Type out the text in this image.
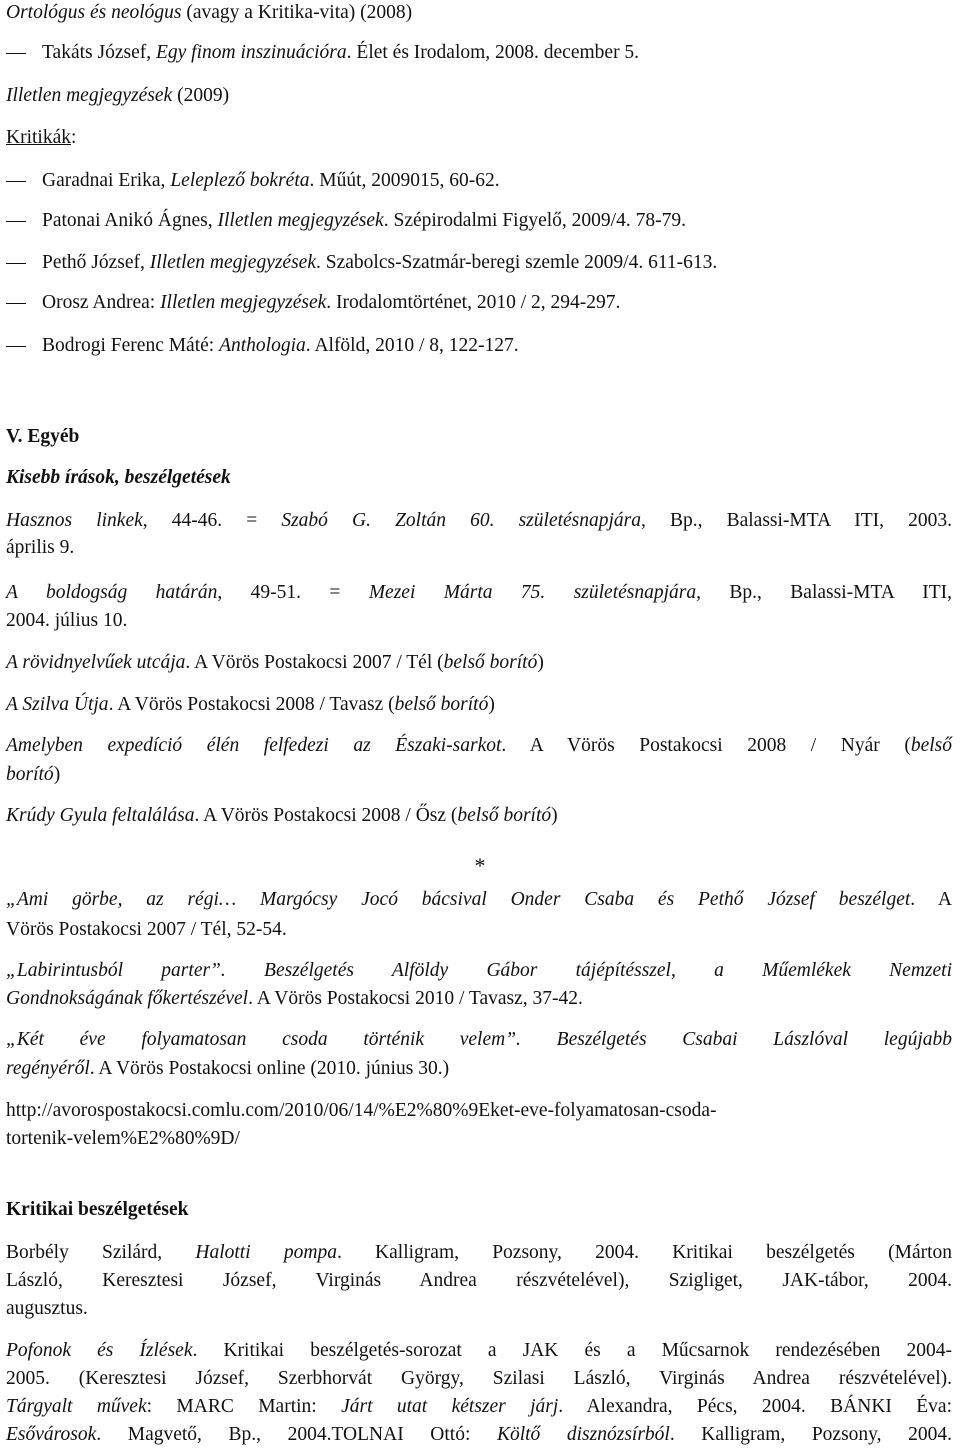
Ortológus és neológus (avagy a Kritika-vita) (2008)
Takáts József, Egy finom inszinuációra. Élet és Irodalom, 2008. december 5.
Illetlen megjegyzések (2009)
Kritikák:
Garadnai Erika, Leleplező bokréta. Műút, 2009015, 60-62.
Patonai Anikó Ágnes, Illetlen megjegyzések. Szépirodalmi Figyelő, 2009/4. 78-79.
Pethő József, Illetlen megjegyzések. Szabolcs-Szatmár-beregi szemle 2009/4. 611-613.
Orosz Andrea: Illetlen megjegyzések. Irodalomtörténet, 2010 / 2, 294-297.
Bodrogi Ferenc Máté: Anthologia. Alföld, 2010 / 8, 122-127.
V. Egyéb
Kisebb írások, beszélgetések
Hasznos linkek, 44-46. = Szabó G. Zoltán 60. születésnapjára, Bp., Balassi-MTA ITI, 2003.
április 9.
A boldogság határán, 49-51. = Mezei Márta 75. születésnapjára, Bp., Balassi-MTA ITI,
2004. július 10.
A rövidnyelvűek utcája. A Vörös Postakocsi 2007 / Tél (belső borító)
A Szilva Útja. A Vörös Postakocsi 2008 / Tavasz (belső borító)
Amelyben expedíció élén felfedezi az Északi-sarkot. A Vörös Postakocsi 2008 / Nyár (belső
borító)
Krúdy Gyula feltalálása. A Vörös Postakocsi 2008 / Ősz (belső borító)
*
„Ami görbe, az régi… Margócsy Jocó bácsival Onder Csaba és Pethő József beszélget. A
Vörös Postakocsi 2007 / Tél, 52-54.
„Labirintusból parter”. Beszélgetés Alföldy Gábor tájépítésszel, a Műemlékek Nemzeti
Gondnokságának főkertészével. A Vörös Postakocsi 2010 / Tavasz, 37-42.
„Két éve folyamatosan csoda történik velem”. Beszélgetés Csabai Lászlóval legújabb
regényéről. A Vörös Postakocsi online (2010. június 30.)
http://avorospostakocsi.comlu.com/2010/06/14/%E2%80%9Eket-eve-folyamatosan-csoda-
tortenik-velem%E2%80%9D/
Kritikai beszélgetések
Borbély Szilárd, Halotti pompa. Kalligram, Pozsony, 2004. Kritikai beszélgetés (Márton
László, Keresztesi József, Virginás Andrea részvételével), Szigliget, JAK-tábor, 2004.
augusztus.
Pofonok és Ízlések. Kritikai beszélgetés-sorozat a JAK és a Műcsarnok rendezésében 2004-
2005. (Keresztesi József, Szerbhorvát György, Szilasi László, Virginás Andrea részvételével).
Tárgyalt művek: MARC Martin: Járt utat kétszer járj. Alexandra, Pécs, 2004. BÁNKI Éva:
Esővárosok. Magvető, Bp., 2004.TOLNAI Ottó: Költő disznózsírból. Kalligram, Pozsony, 2004.
